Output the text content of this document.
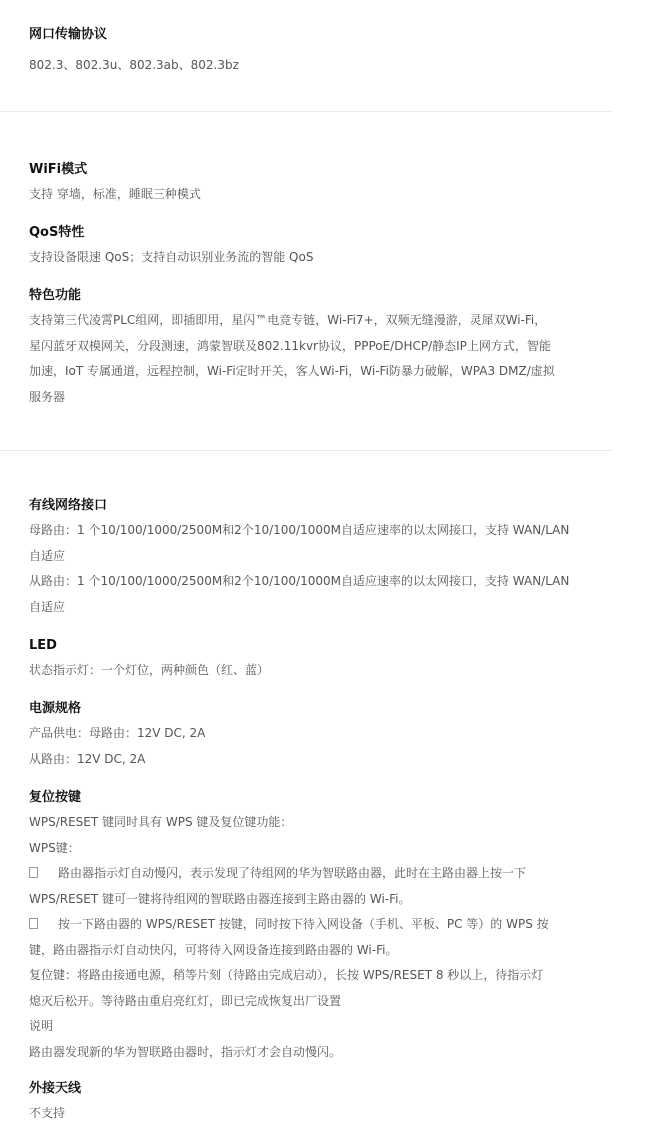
网口传输协议
802.3、802.3u、802.3ab、802.3bz
WiFi模式
支持 穿墙，标准，睡眠三种模式
QoS特性
支持设备限速 QoS；支持自动识别业务流的智能 QoS
特色功能
支持第三代凌霄PLC组网，即插即用，星闪™电竞专链，Wi-Fi7+，双频无缝漫游，灵犀双Wi-Fi，
星闪蓝牙双模网关，分段测速，鸿蒙智联及802.11kvr协议，PPPoE/DHCP/静态IP上网方式，智能
加速，IoT 专属通道，远程控制，Wi-Fi定时开关，客人Wi-Fi，Wi-Fi防暴力破解，WPA3 DMZ/虚拟
服务器
有线网络接口
母路由：1 个10/100/1000/2500M和2个10/100/1000M自适应速率的以太网接口，支持 WAN/LAN
自适应
从路由：1 个10/100/1000/2500M和2个10/100/1000M自适应速率的以太网接口，支持 WAN/LAN
自适应
LED
状态指示灯：一个灯位，两种颜色（红、蓝）
电源规格
产品供电：母路由：12V DC, 2A
从路由：12V DC, 2A
复位按键
WPS/RESET 键同时具有 WPS 键及复位键功能：
WPS键：
路由器指示灯自动慢闪，表示发现了待组网的华为智联路由器，此时在主路由器上按一下
WPS/RESET 键可一键将待组网的智联路由器连接到主路由器的 Wi-Fi。
按一下路由器的 WPS/RESET 按键，同时按下待入网设备（手机、平板、PC 等）的 WPS 按
键，路由器指示灯自动快闪，可将待入网设备连接到路由器的 Wi-Fi。
复位键：将路由接通电源，稍等片刻（待路由完成启动），长按 WPS/RESET 8 秒以上，待指示灯
熄灭后松开。等待路由重启亮红灯，即已完成恢复出厂设置
说明
路由器发现新的华为智联路由器时，指示灯才会自动慢闪。
外接天线
不支持
